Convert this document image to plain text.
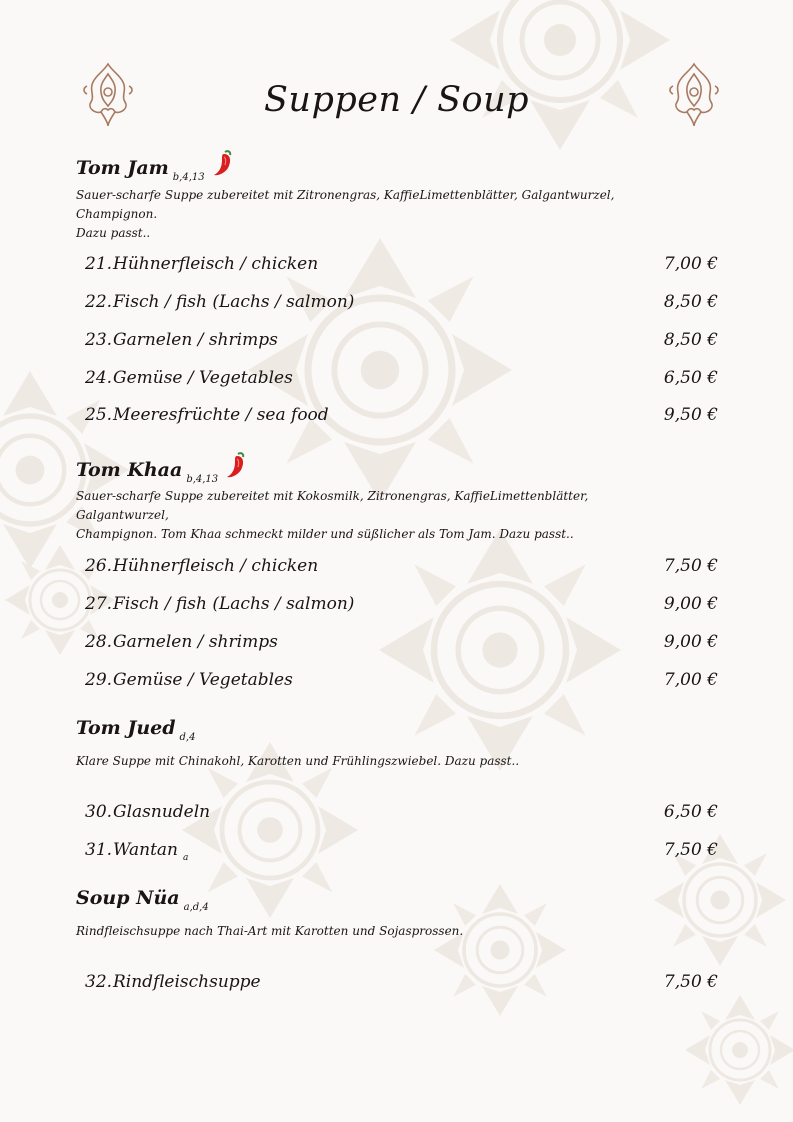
Suppen / Soup
Tom Jam $_{b,4,13}$
Sauer-scharfe Suppe zubereitet mit Zitronengras, KaffieLimettenblätter, Galgantwurzel, Champignon.
Dazu passt..
21. Hühnerfleisch / chicken	7,00 €
22. Fisch / fish (Lachs / salmon)	8,50 €
23. Garnelen / shrimps	8,50 €
24. Gemüse / Vegetables	6,50 €
25. Meeresfrüchte / sea food	9,50 €
Tom Khaa $_{b,4,13}$
Sauer-scharfe Suppe zubereitet mit Kokosmilk, Zitronengras, KaffieLimettenblätter, Galgantwurzel,
Champignon. Tom Khaa schmeckt milder und süßlicher als Tom Jam. Dazu passt..
26. Hühnerfleisch / chicken	7,50 €
27. Fisch / fish (Lachs / salmon)	9,00 €
28. Garnelen / shrimps	9,00 €
29. Gemüse / Vegetables	7,00 €
Tom Jued $_{d,4}$
Klare Suppe mit Chinakohl, Karotten und Frühlingszwiebel. Dazu passt..
30. Glasnudeln	6,50 €
31. Wantan $_a$	7,50 €
Soup Nüa $_{a,d,4}$
Rindfleischsuppe nach Thai-Art mit Karotten und Sojasprossen.
32. Rindfleischsuppe	7,50 €
